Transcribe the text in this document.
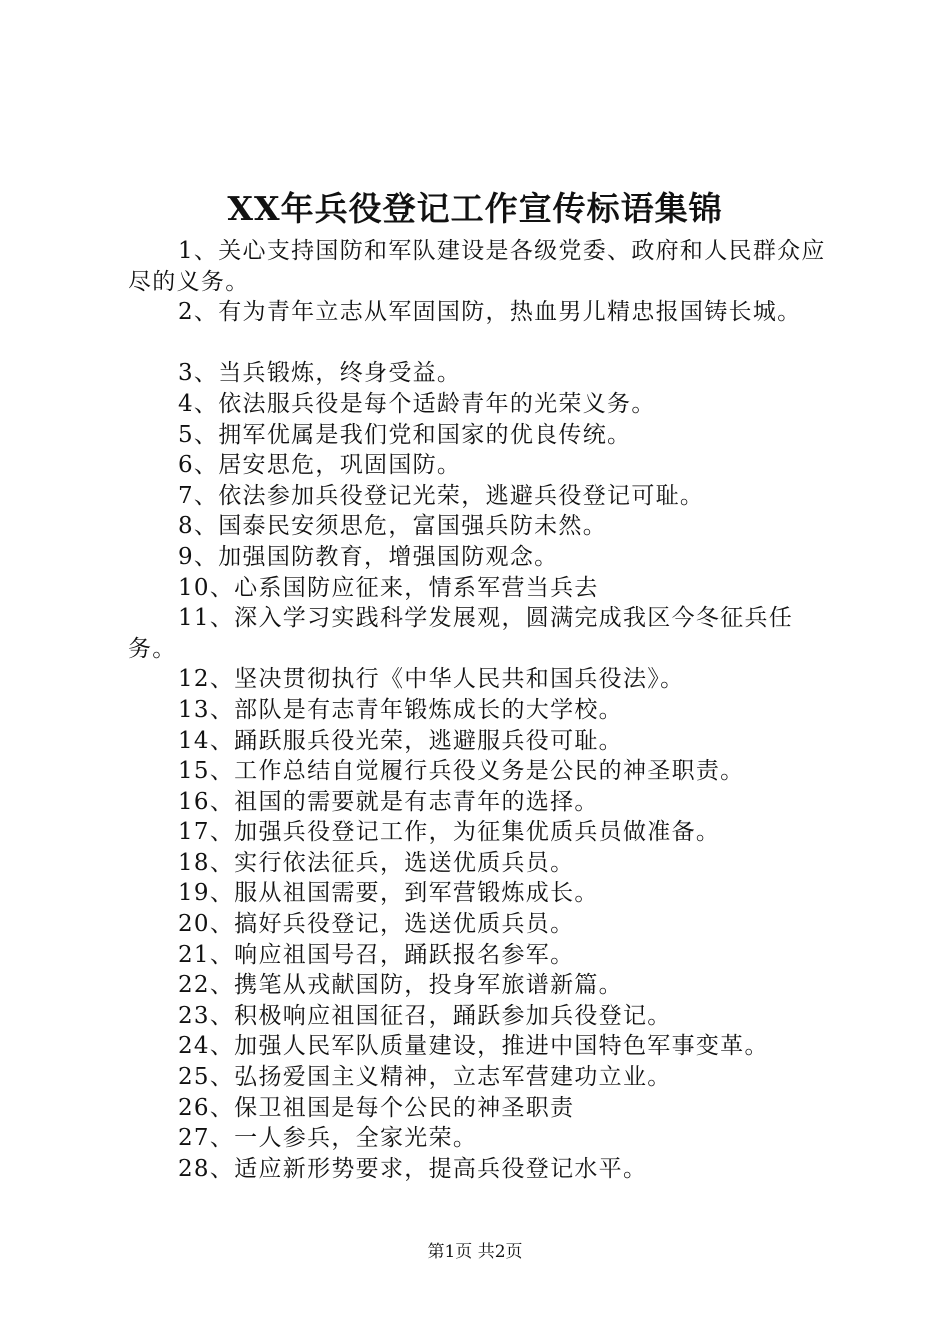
XX年兵役登记工作宣传标语集锦

1、关心支持国防和军队建设是各级党委、政府和人民群众应尽的义务。

2、有为青年立志从军固国防，热血男儿精忠报国铸长城。

3、当兵锻炼，终身受益。

4、依法服兵役是每个适龄青年的光荣义务。

5、拥军优属是我们党和国家的优良传统。

6、居安思危，巩固国防。

7、依法参加兵役登记光荣，逃避兵役登记可耻。

8、国泰民安须思危，富国强兵防未然。

9、加强国防教育，增强国防观念。

10、心系国防应征来，情系军营当兵去

11、深入学习实践科学发展观，圆满完成我区今冬征兵任务。

12、坚决贯彻执行《中华人民共和国兵役法》。

13、部队是有志青年锻炼成长的大学校。

14、踊跃服兵役光荣，逃避服兵役可耻。

15、工作总结自觉履行兵役义务是公民的神圣职责。

16、祖国的需要就是有志青年的选择。

17、加强兵役登记工作，为征集优质兵员做准备。

18、实行依法征兵，选送优质兵员。

19、服从祖国需要，到军营锻炼成长。

20、搞好兵役登记，选送优质兵员。

21、响应祖国号召，踊跃报名参军。

22、携笔从戎献国防，投身军旅谱新篇。

23、积极响应祖国征召，踊跃参加兵役登记。

24、加强人民军队质量建设，推进中国特色军事变革。

25、弘扬爱国主义精神，立志军营建功立业。

26、保卫祖国是每个公民的神圣职责

27、一人参兵，全家光荣。

28、适应新形势要求，提高兵役登记水平。

第1页 共2页
